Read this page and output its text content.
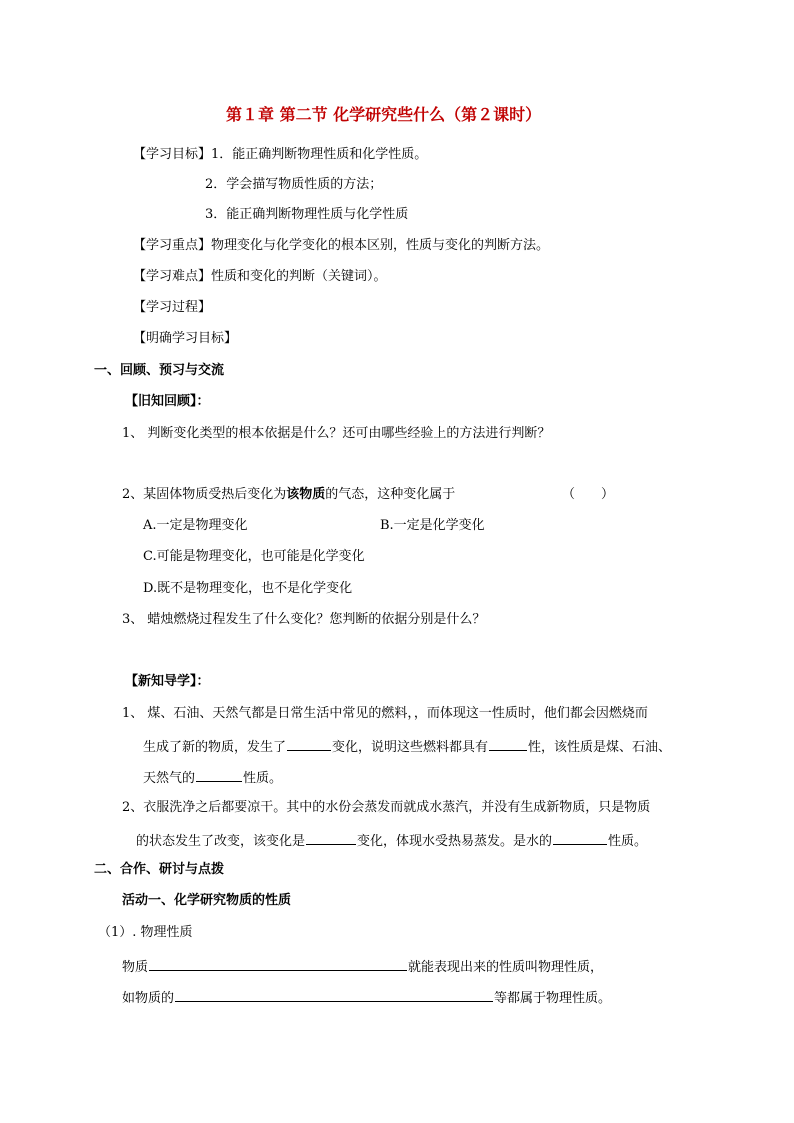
第１章 第二节 化学研究些什么（第２课时）
【学习目标】1．能正确判断物理性质和化学性质。
2．学会描写物质性质的方法；
3．能正确判断物理性质与化学性质
【学习重点】物理变化与化学变化的根本区别，性质与变化的判断方法。
【学习难点】性质和变化的判断（关键词）。
【学习过程】
【明确学习目标】
一、回顾、预习与交流
【旧知回顾】：
1、 判断变化类型的根本依据是什么？还可由哪些经验上的方法进行判断？
2、某固体物质受热后变化为该物质的气态，这种变化属于	（　　）
A.一定是物理变化	B.一定是化学变化
C.可能是物理变化，也可能是化学变化
D.既不是物理变化，也不是化学变化
3、 蜡烛燃烧过程发生了什么变化？您判断的依据分别是什么？
【新知导学】：
1、 煤、石油、天然气都是日常生活中常见的燃料，，而体现这一性质时，他们都会因燃烧而
生成了新的物质，发生了	变化，说明这些燃料都具有	性，该性质是煤、石油、
天然气的	性质。
2、衣服洗净之后都要凉干。其中的水份会蒸发而就成水蒸汽，并没有生成新物质，只是物质
的状态发生了改变，该变化是	变化，体现水受热易蒸发。是水的	性质。
二、合作、研讨与点拨
活动一、化学研究物质的性质
（1）. 物理性质
物质	就能表现出来的性质叫物理性质，
如物质的	等都属于物理性质。
